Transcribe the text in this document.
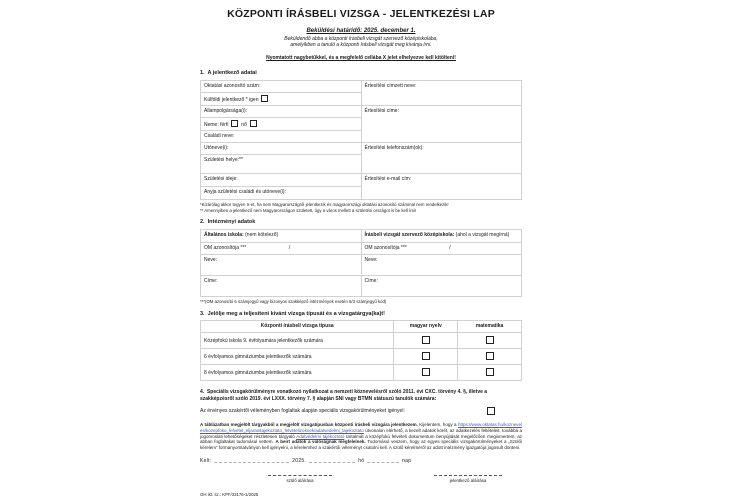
KÖZPONTI ÍRÁSBELI VIZSGA - JELENTKEZÉSI LAP
Beküldési határidő: 2025. december 1.
Beküldendő abba a központi írásbeli vizsgát szervező középiskolába,
amelyikben a tanuló a központi írásbeli vizsgát meg kívánja írni.
Nyomtatott nagybetűkkel, és a megfelelő cellába X jelet elhelyezve kell kitölteni!
1.  A jelentkező adatai
Oktatási azonosító szám:	Értesítési címzett neve:
Külföldi jelentkező * igen	
Állampolgársága(i):	Értesítési címe:
Neme: férfi nő	
Családi neve:	
Utóneve(i):	Értesítési telefonszám(ok):
Születési helye:**	
Születési ideje:	Értesítési e-mail cím:
Anyja születési családi és utóneve(i):	
*Kizárólag akkor tegyen X-et, ha nem Magyarországról jelentkezik és magyarországi oktatási azonosító számmal nem rendelkezik!
** Amennyiben a jelentkező nem Magyarországon született, úgy a város mellett a születési országot is be kell írni!
2.  Intézményi adatok
Általános iskola: (nem kötelező)	Írásbeli vizsgát szervező középiskola: (ahol a vizsgát megírná)
OM azonosítója *** /	OM azonosítója *** /

Neve:	Neve:
Címe:	Címe:
***(OM azonosító 6 számjegyű vagy bizonyos szakképző intézmények esetén 6/3 számjegyű kód)
3.  Jelölje meg a teljesíteni kívánt vizsga típusát és a vizsgatárgya(ka)t!
Központi írásbeli vizsga típusa	magyar nyelv	matematika
Középfokú iskola 9. évfolyamára jelentkezők számára		
6 évfolyamos gimnáziumba jelentkezők számára		
8 évfolyamos gimnáziumba jelentkezők számára		
4.  Speciális vizsgakörülményre vonatkozó nyilatkozat a nemzeti köznevelésről szóló 2011. évi CXC. törvény 4. §, illetve a szakképzésről szóló 2019. évi LXXX. törvény 7. § alapján SNI vagy BTMN státuszú tanulók számára:
Az érvényes szakértői véleményben foglaltak alapján speciális vizsgakörülményeket igényel:
A táblázatban megjelölt tárgyakból a megjelölt vizsgatípusban központi írásbeli vizsgára jelentkezem. Kijelentem, hogy a https://www.oktatas.hu/kozneveles/kozepfoku_felvetel_eljaras/tajekoztato_felvetelizoknek/adatvedelmi_tajekoztato útvonalon elérhető, a kezelt adatok körét, az adatkezelés feltételeit, továbbá a jogorvoslati lehetőségeket részletesen tárgyaló Adatvédelmi tájékoztató tartalmát a középfokú felvételi dokumentum benyújtását megelőzően megismertem, az abban foglaltakat tudomásul vettem. A beírt adatok a valóságnak megfelelnek. Tudomásul veszem, hogy az egyes speciális vizsgakörülményeket a „Szülői kérelem” formanyomtatványon kell igényelni, a kérelemhez a szakértői véleményt csatolni kell. A szülő kérelméről az adott intézmény igazgatója jogosult dönteni.
Kelt: _ _ _ _ _ _ _ _ _ _ _ _ _ _ _ _ 2025. _ _ _ _ _ _ _ _ _ _ hó _ _ _ _ _ _ _ nap
szülő aláírása	jelentkező aláírása
OH ikt. sz.: KPF/33176-1/2025
